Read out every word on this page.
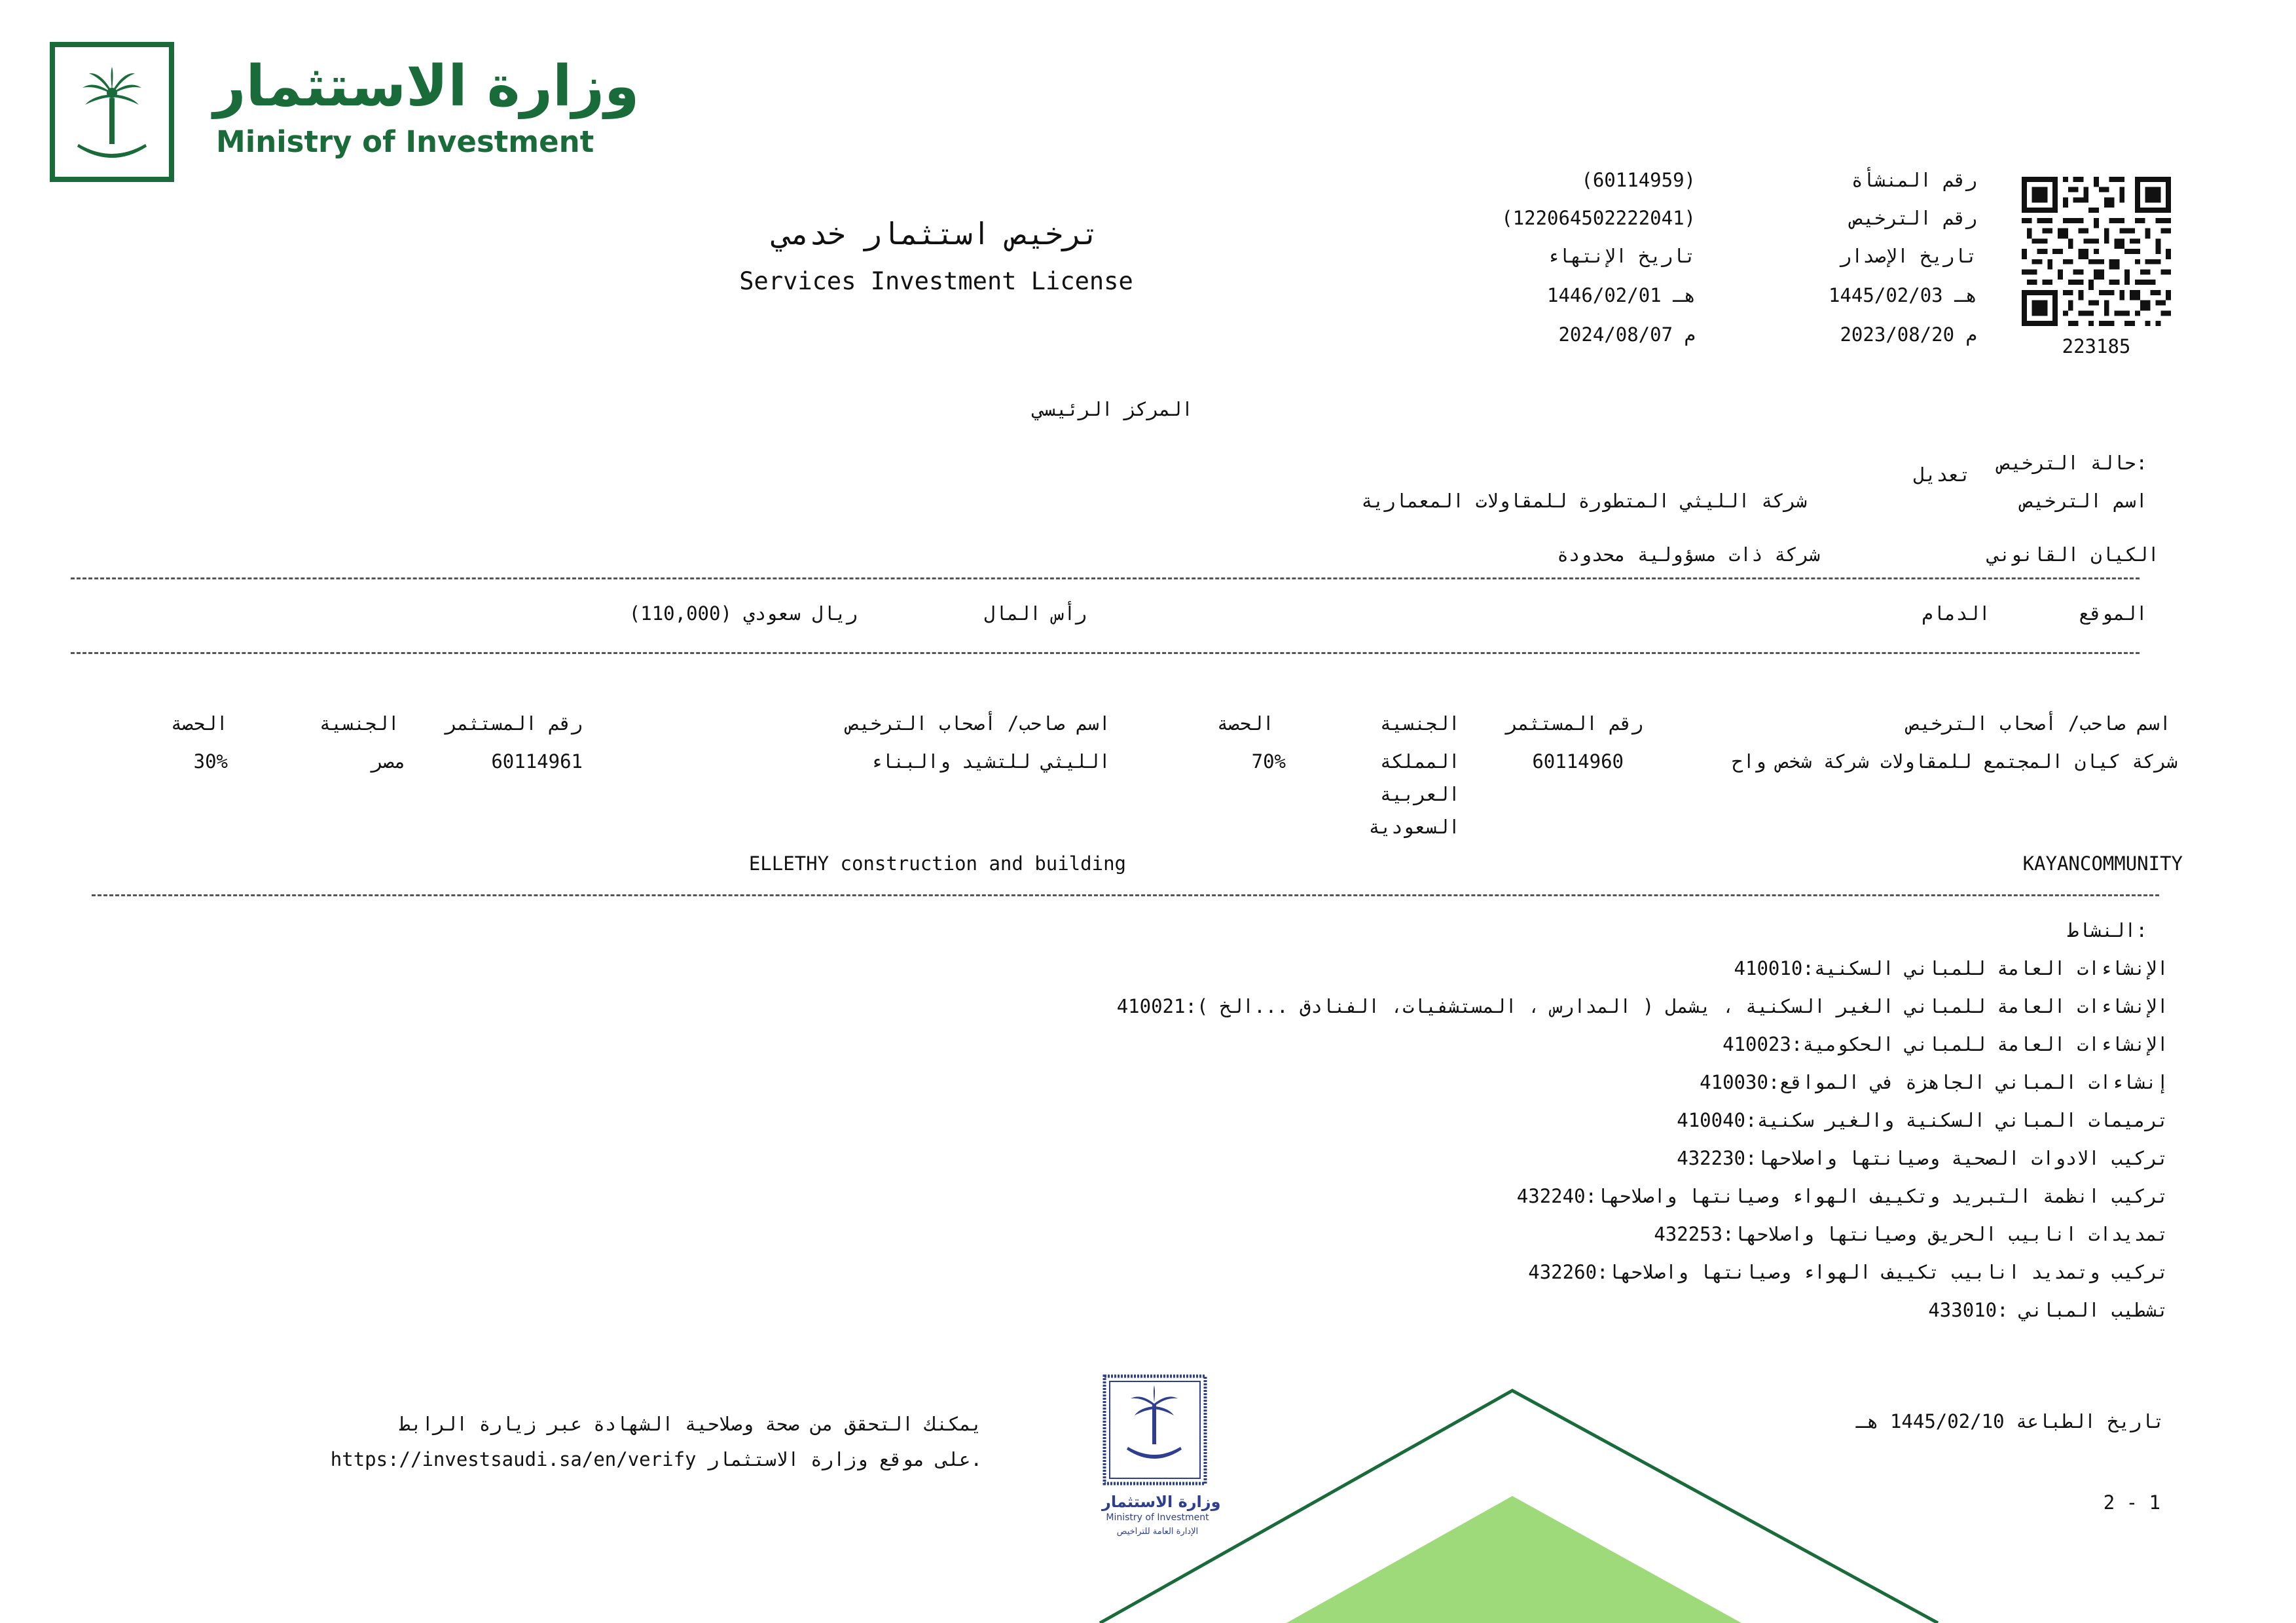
وزارة الاستثمار
Ministry of Investment
ترخيص استثمار خدمي
Services Investment License
رقم المنشأة
(60114959)
رقم الترخيص
(122064502222041)
تاريخ الإصدار
تاريخ الإنتهاء
1445/02/03 هـ
1446/02/01 هـ
2023/08/20 م
2024/08/07 م
223185
المركز الرئيسي
حالة الترخيص:
تعديل
اسم الترخيص
شركة الليثي المتطورة للمقاولات المعمارية
الكيان القانوني
شركة ذات مسؤولية محدودة
الموقع
الدمام
رأس المال
(110,000) ريال سعودي
اسم صاحب/ أصحاب الترخيص
رقم المستثمر
الجنسية
الحصة
اسم صاحب/ أصحاب الترخيص
رقم المستثمر
الجنسية
الحصة
شركة كيان المجتمع للمقاولات شركة شخص واح
60114960
المملكة
العربية
السعودية
70%
KAYANCOMMUNITY
الليثي للتشيد والبناء
60114961
مصر
30%
ELLETHY construction and building
النشاط:
410010:الإنشاءات العامة للمباني السكنية
410021:الإنشاءات العامة للمباني الغير السكنية ، يشمل ( المدارس ، المستشفيات، الفنادق ...الخ )
410023:الإنشاءات العامة للمباني الحكومية
410030:إنشاءات المباني الجاهزة في المواقع
410040:ترميمات المباني السكنية والغير سكنية
432230:تركيب الادوات الصحية وصيانتها واصلاحها
432240:تركيب انظمة التبريد وتكييف الهواء وصيانتها واصلاحها
432253:تمديدات انابيب الحريق وصيانتها واصلاحها
432260:تركيب وتمديد انابيب تكييف الهواء وصيانتها واصلاحها
433010: تشطيب المباني
وزارة الاستثمار
Ministry of Investment
الإدارة العامة للتراخيص
تاريخ الطباعة 1445/02/10 هـ
2 - 1
يمكنك التحقق من صحة وصلاحية الشهادة عبر زيارة الرابط
https://investsaudi.sa/en/verify على موقع وزارة الاستثمار.
